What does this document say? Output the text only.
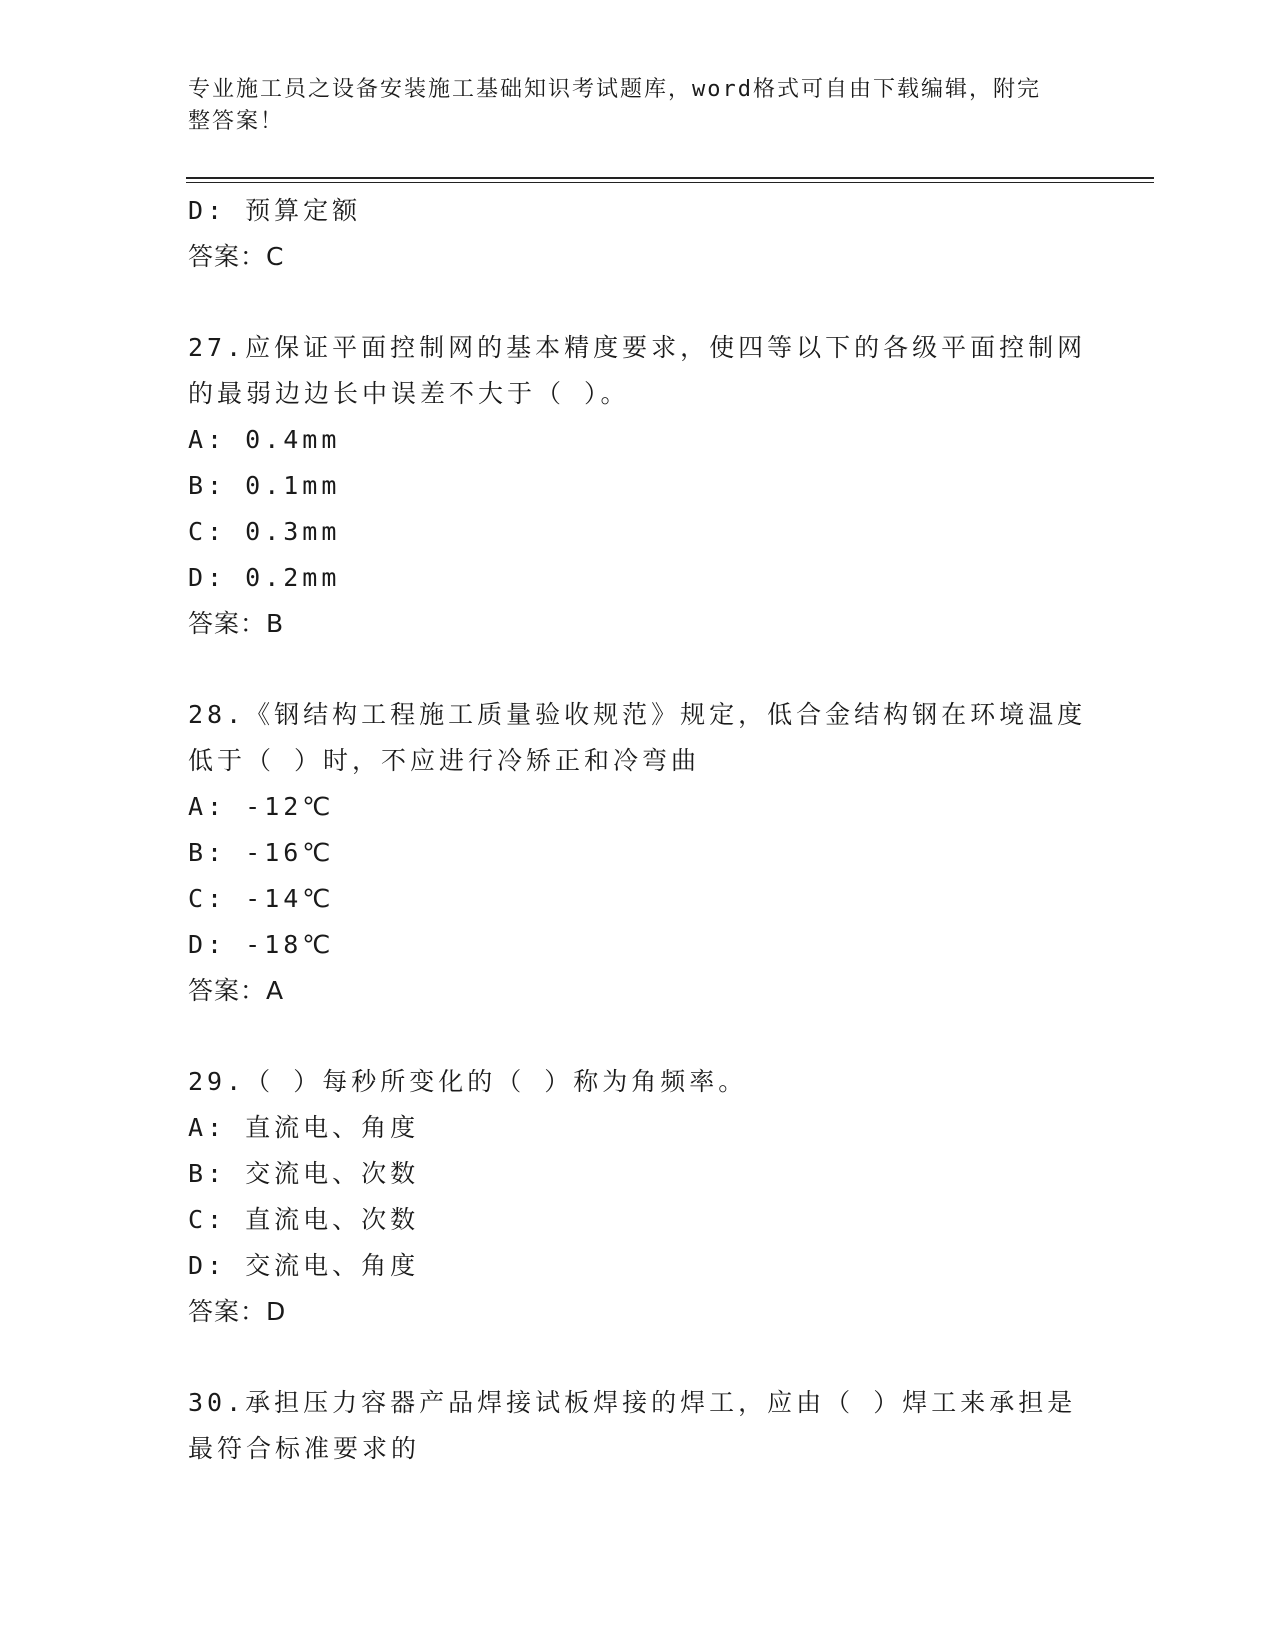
专业施工员之设备安装施工基础知识考试题库，word格式可自由下载编辑，附完
整答案！
D: 预算定额
答案：C
27.应保证平面控制网的基本精度要求，使四等以下的各级平面控制网
的最弱边边长中误差不大于（ ）。
A: 0.4mm
B: 0.1mm
C: 0.3mm
D: 0.2mm
答案：B
28.《钢结构工程施工质量验收规范》规定，低合金结构钢在环境温度
低于（ ）时，不应进行冷矫正和冷弯曲
A: -12℃
B: -16℃
C: -14℃
D: -18℃
答案：A
29.（ ）每秒所变化的（ ）称为角频率。
A: 直流电、角度
B: 交流电、次数
C: 直流电、次数
D: 交流电、角度
答案：D
30.承担压力容器产品焊接试板焊接的焊工，应由（ ）焊工来承担是
最符合标准要求的
